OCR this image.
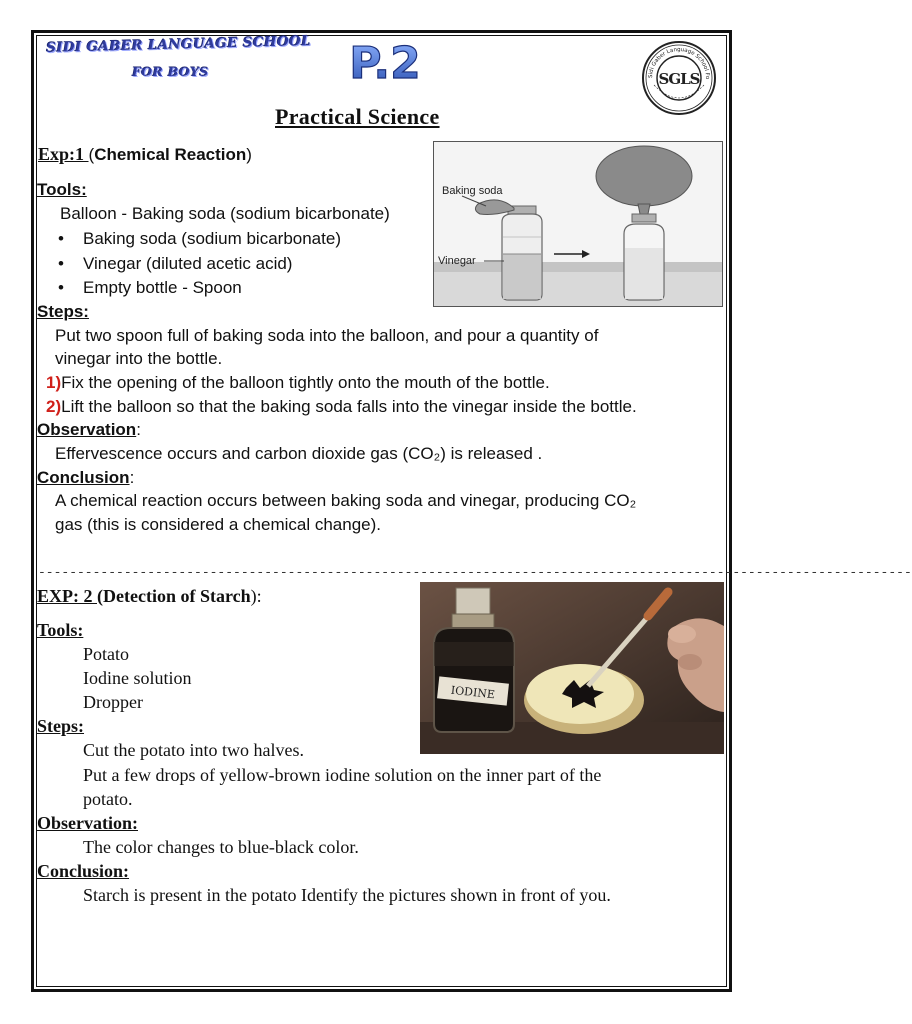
SIDI GABER LANGUAGE SCHOOL
FOR BOYS	P.2	Sidi Gaber Language School Fo
SGLS
Practical Science
Exp:1 (Chemical Reaction)
Tools:
Balloon - Baking soda (sodium bicarbonate)
• Baking soda (sodium bicarbonate)
• Vinegar (diluted acetic acid)
• Empty bottle - Spoon
Steps:
Put two spoon full of baking soda into the balloon, and pour a quantity of
vinegar into the bottle.
1)Fix the opening of the balloon tightly onto the mouth of the bottle.
2)Lift the balloon so that the baking soda falls into the vinegar inside the bottle.
Observation:
Effervescence occurs and carbon dioxide gas (CO₂) is released .
Conclusion:
A chemical reaction occurs between baking soda and vinegar, producing CO₂
gas (this is considered a chemical change).
Baking soda
Vinegar
----------------------------------------------------------------------------------------------------------------
EXP: 2 (Detection of Starch):
Tools:
Potato
Iodine solution
Dropper
Steps:
Cut the potato into two halves.
Put a few drops of yellow-brown iodine solution on the inner part of the
potato.
Observation:
The color changes to blue-black color.
Conclusion:
Starch is present in the potato Identify the pictures shown in front of you.
IODINE
